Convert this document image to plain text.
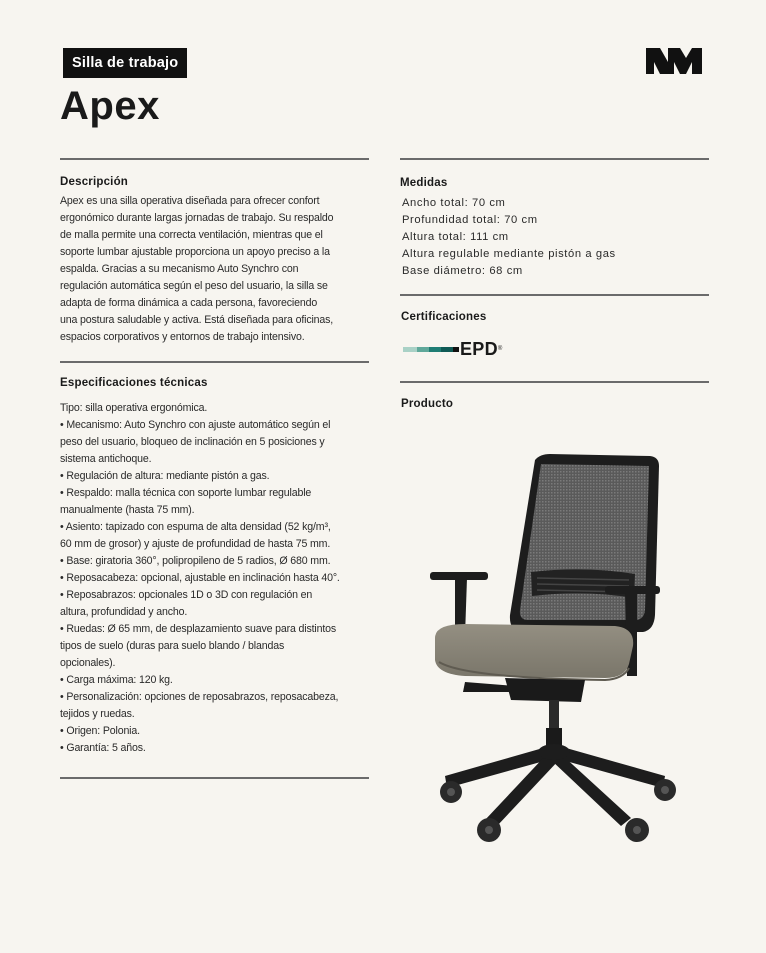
Silla de trabajo
Apex
Descripción
Apex es una silla operativa diseñada para ofrecer confort
ergonómico durante largas jornadas de trabajo. Su respaldo
de malla permite una correcta ventilación, mientras que el
soporte lumbar ajustable proporciona un apoyo preciso a la
espalda. Gracias a su mecanismo Auto Synchro con
regulación automática según el peso del usuario, la silla se
adapta de forma dinámica a cada persona, favoreciendo
una postura saludable y activa. Está diseñada para oficinas,
espacios corporativos y entornos de trabajo intensivo.
Especificaciones técnicas
Tipo: silla operativa ergonómica.
• Mecanismo: Auto Synchro con ajuste automático según el
peso del usuario, bloqueo de inclinación en 5 posiciones y
sistema antichoque.
• Regulación de altura: mediante pistón a gas.
• Respaldo: malla técnica con soporte lumbar regulable
manualmente (hasta 75 mm).
• Asiento: tapizado con espuma de alta densidad (52 kg/m³,
60 mm de grosor) y ajuste de profundidad de hasta 75 mm.
• Base: giratoria 360°, polipropileno de 5 radios, Ø 680 mm.
• Reposacabeza: opcional, ajustable en inclinación hasta 40°.
• Reposabrazos: opcionales 1D o 3D con regulación en
altura, profundidad y ancho.
• Ruedas: Ø 65 mm, de desplazamiento suave para distintos
tipos de suelo (duras para suelo blando / blandas
opcionales).
• Carga máxima: 120 kg.
• Personalización: opciones de reposabrazos, reposacabeza,
tejidos y ruedas.
• Origen: Polonia.
• Garantía: 5 años.
Medidas
Ancho total: 70 cm
Profundidad total: 70 cm
Altura total: 111 cm
Altura regulable mediante pistón a gas
Base diámetro: 68 cm
Certificaciones
EPD®
Producto
